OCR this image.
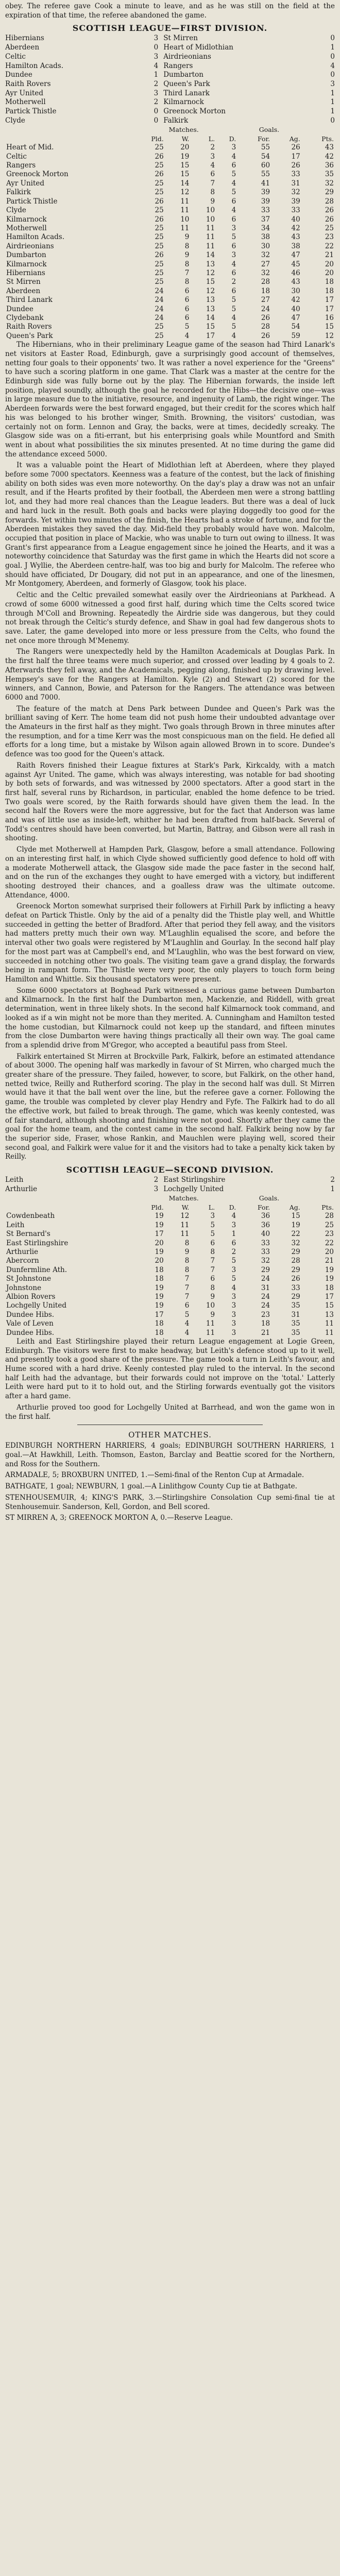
obey. The referee gave Cook a minute to leave, and as he was still on the field at the expiration of that time, the referee abandoned the game.

SCOTTISH LEAGUE—FIRST DIVISION.
Hibernians	3	St Mirren	0
Aberdeen	0	Heart of Midlothian	1
Celtic	3	Airdrieonians	0
Hamilton Acads.	4	Rangers	4
Dundee	1	Dumbarton	0
Raith Rovers	2	Queen's Park	3
Ayr United	3	Third Lanark	1
Motherwell	2	Kilmarnock	1
Partick Thistle	0	Greenock Morton	1
Clyde	0	Falkirk	0
	Matches.				Goals.		
	Pld.	W.	L.	D.	For.	Ag.	Pts.
Heart of Mid.	25	20	2	3	55	26	43
Celtic	26	19	3	4	54	17	42
Rangers	25	15	4	6	60	26	36
Greenock Morton	26	15	6	5	55	33	35
Ayr United	25	14	7	4	41	31	32
Falkirk	25	12	8	5	39	32	29
Partick Thistle	26	11	9	6	39	39	28
Clyde	25	11	10	4	33	33	26
Kilmarnock	26	10	10	6	37	40	26
Motherwell	25	11	11	3	34	42	25
Hamilton Acads.	25	9	11	5	38	43	23
Airdrieonians	25	8	11	6	30	38	22
Dumbarton	26	9	14	3	32	47	21
Kilmarnock	25	8	13	4	27	45	20
Hibernians	25	7	12	6	32	46	20
St Mirren	25	8	15	2	28	43	18
Aberdeen	24	6	12	6	18	30	18
Third Lanark	24	6	13	5	27	42	17
Dundee	24	6	13	5	24	40	17
Clydebank	24	6	14	4	26	47	16
Raith Rovers	25	5	15	5	28	54	15
Queen's Park	25	4	17	4	26	59	12

The Hibernians, who in their preliminary League game of the season had Third Lanark's net visitors at Easter Road, Edinburgh, gave a surprisingly good account of themselves, netting four goals to their opponents' two. It was rather a novel experience for the "Greens" to have such a scoring platform in one game. That Clark was a master at the centre for the Edinburgh side was fully borne out by the play. The Hibernian forwards, the inside left position, played soundly, although the goal he recorded for the Hibs—the decisive one—was in large measure due to the initiative, resource, and ingenuity of Lamb, the right winger. The Aberdeen forwards were the best forward engaged, but their credit for the scores which half his was belonged to his brother winger, Smith. Browning, the visitors' custodian, was certainly not on form. Lennon and Gray, the backs, were at times, decidedly screaky. The Glasgow side was on a fiti-errant, but his enterprising goals while Mountford and Smith went in about what possibilities the six minutes presented. At no time during the game did the attendance exceed 5000.

It was a valuable point the Heart of Midlothian left at Aberdeen, where they played before some 7000 spectators. Keenness was a feature of the contest, but the lack of finishing ability on both sides was even more noteworthy. On the day's play a draw was not an unfair result, and if the Hearts profited by their football, the Aberdeen men were a strong battling lot, and they had more real chances than the League leaders. But there was a deal of luck and hard luck in the result. Both goals and backs were playing doggedly too good for the forwards. Yet within two minutes of the finish, the Hearts had a stroke of fortune, and for the Aberdeen mistakes they saved the day. Mid-field they probably would have won. Malcolm, occupied that position in place of Mackie, who was unable to turn out owing to illness. It was Grant's first appearance from a League engagement since he joined the Hearts, and it was a noteworthy coincidence that Saturday was the first game in which the Hearts did not score a goal. J Wyllie, the Aberdeen centre-half, was too big and burly for Malcolm. The referee who should have officiated, Dr Dougary, did not put in an appearance, and one of the linesmen, Mr Montgomery, Aberdeen, and formerly of Glasgow, took his place.

Celtic and the Celtic prevailed somewhat easily over the Airdrieonians at Parkhead. A crowd of some 6000 witnessed a good first half, during which time the Celts scored twice through M'Coll and Browning. Repeatedly the Airdrie side was dangerous, but they could not break through the Celtic's sturdy defence, and Shaw in goal had few dangerous shots to save. Later, the game developed into more or less pressure from the Celts, who found the net once more through M'Menemy.

The Rangers were unexpectedly held by the Hamilton Academicals at Douglas Park. In the first half the three teams were much superior, and crossed over leading by 4 goals to 2. Afterwards they fell away, and the Academicals, pegging along, finished up by drawing level. Hempsey's save for the Rangers at Hamilton. Kyle (2) and Stewart (2) scored for the winners, and Cannon, Bowie, and Paterson for the Rangers. The attendance was between 6000 and 7000.

The feature of the match at Dens Park between Dundee and Queen's Park was the brilliant saving of Kerr. The home team did not push home their undoubted advantage over the Amateurs in the first half as they might. Two goals through Brown in three minutes after the resumption, and for a time Kerr was the most conspicuous man on the field. He defied all efforts for a long time, but a mistake by Wilson again allowed Brown in to score. Dundee's defence was too good for the Queen's attack.

Raith Rovers finished their League fixtures at Stark's Park, Kirkcaldy, with a match against Ayr United. The game, which was always interesting, was notable for bad shooting by both sets of forwards, and was witnessed by 2000 spectators. After a good start in the first half, several runs by Richardson, in particular, enabled the home defence to be tried. Two goals were scored, by the Raith forwards should have given them the lead. In the second half the Rovers were the more aggressive, but for the fact that Anderson was lame and was of little use as inside-left, whither he had been drafted from half-back. Several of Todd's centres should have been converted, but Martin, Battray, and Gibson were all rash in shooting.

Clyde met Motherwell at Hampden Park, Glasgow, before a small attendance. Following on an interesting first half, in which Clyde showed sufficiently good defence to hold off with a moderate Motherwell attack, the Glasgow side made the pace faster in the second half, and on the run of the exchanges they ought to have emerged with a victory, but indifferent shooting destroyed their chances, and a goalless draw was the ultimate outcome. Attendance, 4000.

Greenock Morton somewhat surprised their followers at Firhill Park by inflicting a heavy defeat on Partick Thistle. Only by the aid of a penalty did the Thistle play well, and Whittle succeeded in getting the better of Bradford. After that period they fell away, and the visitors had matters pretty much their own way. M'Laughlin equalised the score, and before the interval other two goals were registered by M'Laughlin and Gourlay. In the second half play for the most part was at Campbell's end, and M'Laughlin, who was the best forward on view, succeeded in notching other two goals. The visiting team gave a grand display, the forwards being in rampant form. The Thistle were very poor, the only players to touch form being Hamilton and Whittle. Six thousand spectators were present.

Some 6000 spectators at Boghead Park witnessed a curious game between Dumbarton and Kilmarnock. In the first half the Dumbarton men, Mackenzie, and Riddell, with great determination, went in three likely shots. In the second half Kilmarnock took command, and looked as if a win might not be more than they merited. A. Cunningham and Hamilton tested the home custodian, but Kilmarnock could not keep up the standard, and fifteen minutes from the close Dumbarton were having things practically all their own way. The goal came from a splendid drive from M'Gregor, who accepted a beautiful pass from Steel.

Falkirk entertained St Mirren at Brockville Park, Falkirk, before an estimated attendance of about 3000. The opening half was markedly in favour of St Mirren, who charged much the greater share of the pressure. They failed, however, to score, but Falkirk, on the other hand, netted twice, Reilly and Rutherford scoring. The play in the second half was dull. St Mirren would have it that the ball went over the line, but the referee gave a corner. Following the game, the trouble was completed by clever play Hendry and Fyfe. The Falkirk had to do all the effective work, but failed to break through. The game, which was keenly contested, was of fair standard, although shooting and finishing were not good. Shortly after they came the goal for the home team, and the contest came in the second half. Falkirk being now by far the superior side, Fraser, whose Rankin, and Mauchlen were playing well, scored their second goal, and Falkirk were value for it and the visitors had to take a penalty kick taken by Reilly.

SCOTTISH LEAGUE—SECOND DIVISION.
Leith	2	East Stirlingshire	2
Arthurlie	3	Lochgelly United	1
	Matches.				Goals.		
	Pld.	W.	L.	D.	For.	Ag.	Pts.
Cowdenbeath	19	12	3	4	36	15	28
Leith	19	11	5	3	36	19	25
St Bernard's	17	11	5	1	40	22	23
East Stirlingshire	20	8	6	6	33	32	22
Arthurlie	19	9	8	2	33	29	20
Abercorn	20	8	7	5	32	28	21
Dunfermline Ath.	18	8	7	3	29	29	19
St Johnstone	18	7	6	5	24	26	19
Johnstone	19	7	8	4	31	33	18
Albion Rovers	19	7	9	3	24	29	17
Lochgelly United	19	6	10	3	24	35	15
Dundee Hibs.	17	5	9	3	23	31	13
Vale of Leven	18	4	11	3	18	35	11
Dundee Hibs.	18	4	11	3	21	35	11

Leith and East Stirlingshire played their return League engagement at Logie Green, Edinburgh. The visitors were first to make headway, but Leith's defence stood up to it well, and presently took a good share of the pressure. The game took a turn in Leith's favour, and Hume scored with a hard drive. Keenly contested play ruled to the interval. In the second half Leith had the advantage, but their forwards could not improve on the 'total.' Latterly Leith were hard put to it to hold out, and the Stirling forwards eventually got the visitors after a hard game.

Arthurlie proved too good for Lochgelly United at Barrhead, and won the game won in the first half.

OTHER MATCHES.

EDINBURGH NORTHERN HARRIERS, 4 goals; EDINBURGH SOUTHERN HARRIERS, 1 goal.—At Hawkhill, Leith. Thomson, Easton, Barclay and Beattie scored for the Northern, and Ross for the Southern.

ARMADALE, 5; BROXBURN UNITED, 1.—Semi-final of the Renton Cup at Armadale.

BATHGATE, 1 goal; NEWBURN, 1 goal.—A Linlithgow County Cup tie at Bathgate.

STENHOUSEMUIR, 4; KING'S PARK, 3.—Stirlingshire Consolation Cup semi-final tie at Stenhousemuir. Sanderson, Kell, Gordon, and Bell scored.

ST MIRREN A, 3; GREENOCK MORTON A, 0.—Reserve League.
